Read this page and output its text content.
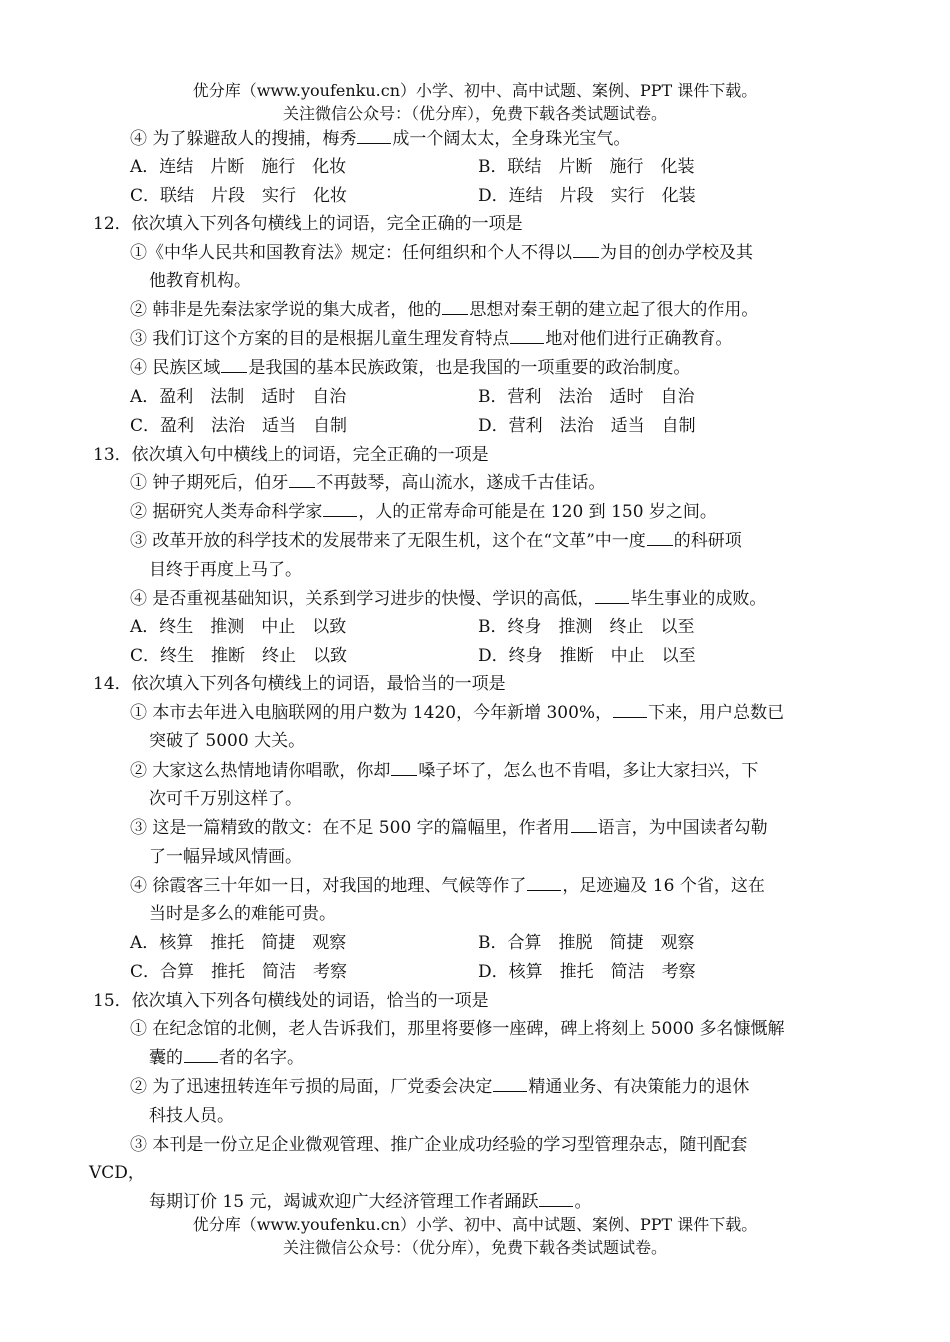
优分库（www.youfenku.cn）小学、初中、高中试题、案例、PPT 课件下载。
关注微信公众号：（优分库），免费下载各类试题试卷。
④ 为了躲避敌人的搜捕，梅秀 成一个阔太太，全身珠光宝气。
A．连结　片断　施行　化妆	B．联结　片断　施行　化装
C．联结　片段　实行　化妆	D．连结　片段　实行　化装
12．依次填入下列各句横线上的词语，完全正确的一项是
①《中华人民共和国教育法》规定：任何组织和个人不得以 为目的创办学校及其
他教育机构。
② 韩非是先秦法家学说的集大成者，他的 思想对秦王朝的建立起了很大的作用。
③ 我们订这个方案的目的是根据儿童生理发育特点 地对他们进行正确教育。
④ 民族区域 是我国的基本民族政策，也是我国的一项重要的政治制度。
A．盈利　法制　适时　自治	B．营利　法治　适时　自治
C．盈利　法治　适当　自制	D．营利　法治　适当　自制
13．依次填入句中横线上的词语，完全正确的一项是
① 钟子期死后，伯牙 不再鼓琴，高山流水，遂成千古佳话。
② 据研究人类寿命科学家 ，人的正常寿命可能是在 120 到 150 岁之间。
③ 改革开放的科学技术的发展带来了无限生机，这个在“文革”中一度 的科研项
目终于再度上马了。
④ 是否重视基础知识，关系到学习进步的快慢、学识的高低， 毕生事业的成败。
A．终生　推测　中止　以致	B．终身　推测　终止　以至
C．终生　推断　终止　以致	D．终身　推断　中止　以至
14．依次填入下列各句横线上的词语，最恰当的一项是
① 本市去年进入电脑联网的用户数为 1420，今年新增 300%， 下来，用户总数已
突破了 5000 大关。
② 大家这么热情地请你唱歌，你却 嗓子坏了，怎么也不肯唱，多让大家扫兴，下
次可千万别这样了。
③ 这是一篇精致的散文：在不足 500 字的篇幅里，作者用 语言，为中国读者勾勒
了一幅异域风情画。
④ 徐霞客三十年如一日，对我国的地理、气候等作了 ，足迹遍及 16 个省，这在
当时是多么的难能可贵。
A．核算　推托　简捷　观察	B．合算　推脱　简捷　观察
C．合算　推托　简洁　考察	D．核算　推托　简洁　考察
15．依次填入下列各句横线处的词语，恰当的一项是
① 在纪念馆的北侧，老人告诉我们，那里将要修一座碑，碑上将刻上 5000 多名慷慨解
囊的 者的名字。
② 为了迅速扭转连年亏损的局面，厂党委会决定 精通业务、有决策能力的退休
科技人员。
③ 本刊是一份立足企业微观管理、推广企业成功经验的学习型管理杂志，随刊配套
VCD，
每期订价 15 元，竭诚欢迎广大经济管理工作者踊跃 。
优分库（www.youfenku.cn）小学、初中、高中试题、案例、PPT 课件下载。
关注微信公众号：（优分库），免费下载各类试题试卷。
